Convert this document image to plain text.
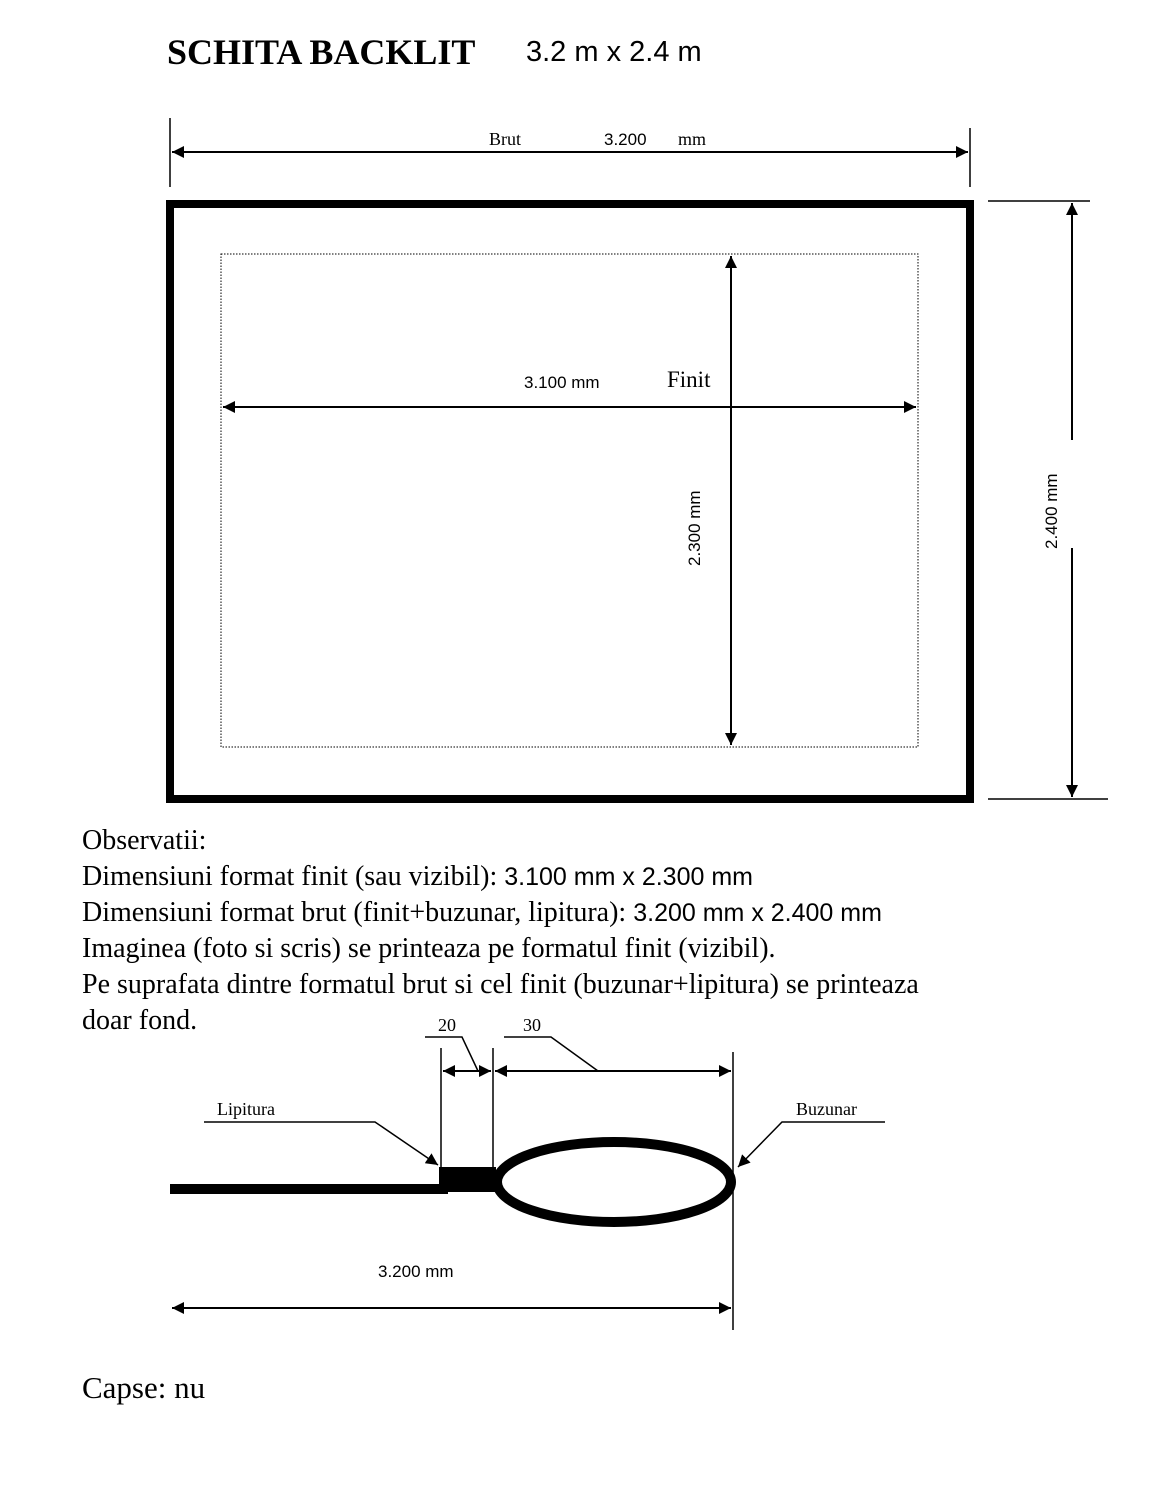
SCHITA BACKLIT 3.2 m x 2.4 m
Brut	3.200 mm
3.100 mm	Finit
2.300 mm	2.400 mm
20	30
Lipitura	Buzunar
3.200 mm
Observatii:
Dimensiuni format finit (sau vizibil): 3.100 mm x 2.300 mm
Dimensiuni format brut (finit+buzunar, lipitura): 3.200 mm x 2.400 mm
Imaginea (foto si scris) se printeaza pe formatul finit (vizibil).
Pe suprafata dintre formatul brut si cel finit (buzunar+lipitura) se printeaza
doar fond.
Capse: nu
